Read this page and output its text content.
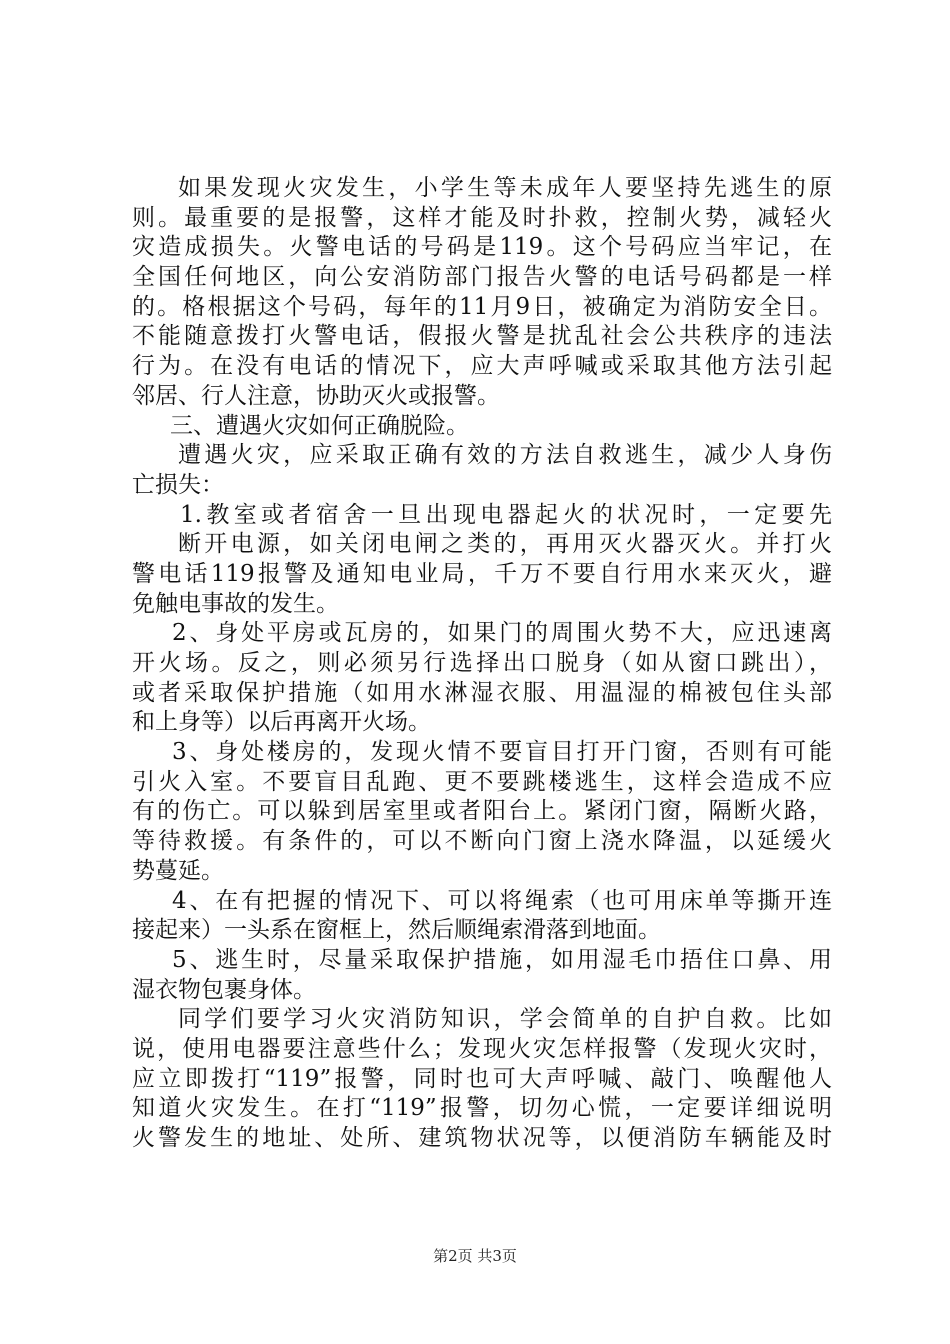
如果发现火灾发生，小学生等未成年人要坚持先逃生的原
则。最重要的是报警，这样才能及时扑救，控制火势，减轻火
灾造成损失。火警电话的号码是119。这个号码应当牢记，在
全国任何地区，向公安消防部门报告火警的电话号码都是一样
的。格根据这个号码，每年的11月9日，被确定为消防安全日。
不能随意拨打火警电话，假报火警是扰乱社会公共秩序的违法
行为。在没有电话的情况下，应大声呼喊或采取其他方法引起
邻居、行人注意，协助灭火或报警。
三、遭遇火灾如何正确脱险。
遭遇火灾，应采取正确有效的方法自救逃生，减少人身伤
亡损失：
1.教室或者宿舍一旦出现电器起火的状况时，一定要先
断开电源，如关闭电闸之类的，再用灭火器灭火。并打火
警电话119报警及通知电业局，千万不要自行用水来灭火，避
免触电事故的发生。
2、身处平房或瓦房的，如果门的周围火势不大，应迅速离
开火场。反之，则必须另行选择出口脱身（如从窗口跳出），
或者采取保护措施（如用水淋湿衣服、用温湿的棉被包住头部
和上身等）以后再离开火场。
3、身处楼房的，发现火情不要盲目打开门窗，否则有可能
引火入室。不要盲目乱跑、更不要跳楼逃生，这样会造成不应
有的伤亡。可以躲到居室里或者阳台上。紧闭门窗，隔断火路，
等待救援。有条件的，可以不断向门窗上浇水降温，以延缓火
势蔓延。
4、在有把握的情况下、可以将绳索（也可用床单等撕开连
接起来）一头系在窗框上，然后顺绳索滑落到地面。
5、逃生时，尽量采取保护措施，如用湿毛巾捂住口鼻、用
湿衣物包裹身体。
同学们要学习火灾消防知识，学会简单的自护自救。比如
说，使用电器要注意些什么；发现火灾怎样报警（发现火灾时，
应立即拨打“119”报警，同时也可大声呼喊、敲门、唤醒他人
知道火灾发生。在打“119”报警，切勿心慌，一定要详细说明
火警发生的地址、处所、建筑物状况等，以便消防车辆能及时
第2页 共3页
